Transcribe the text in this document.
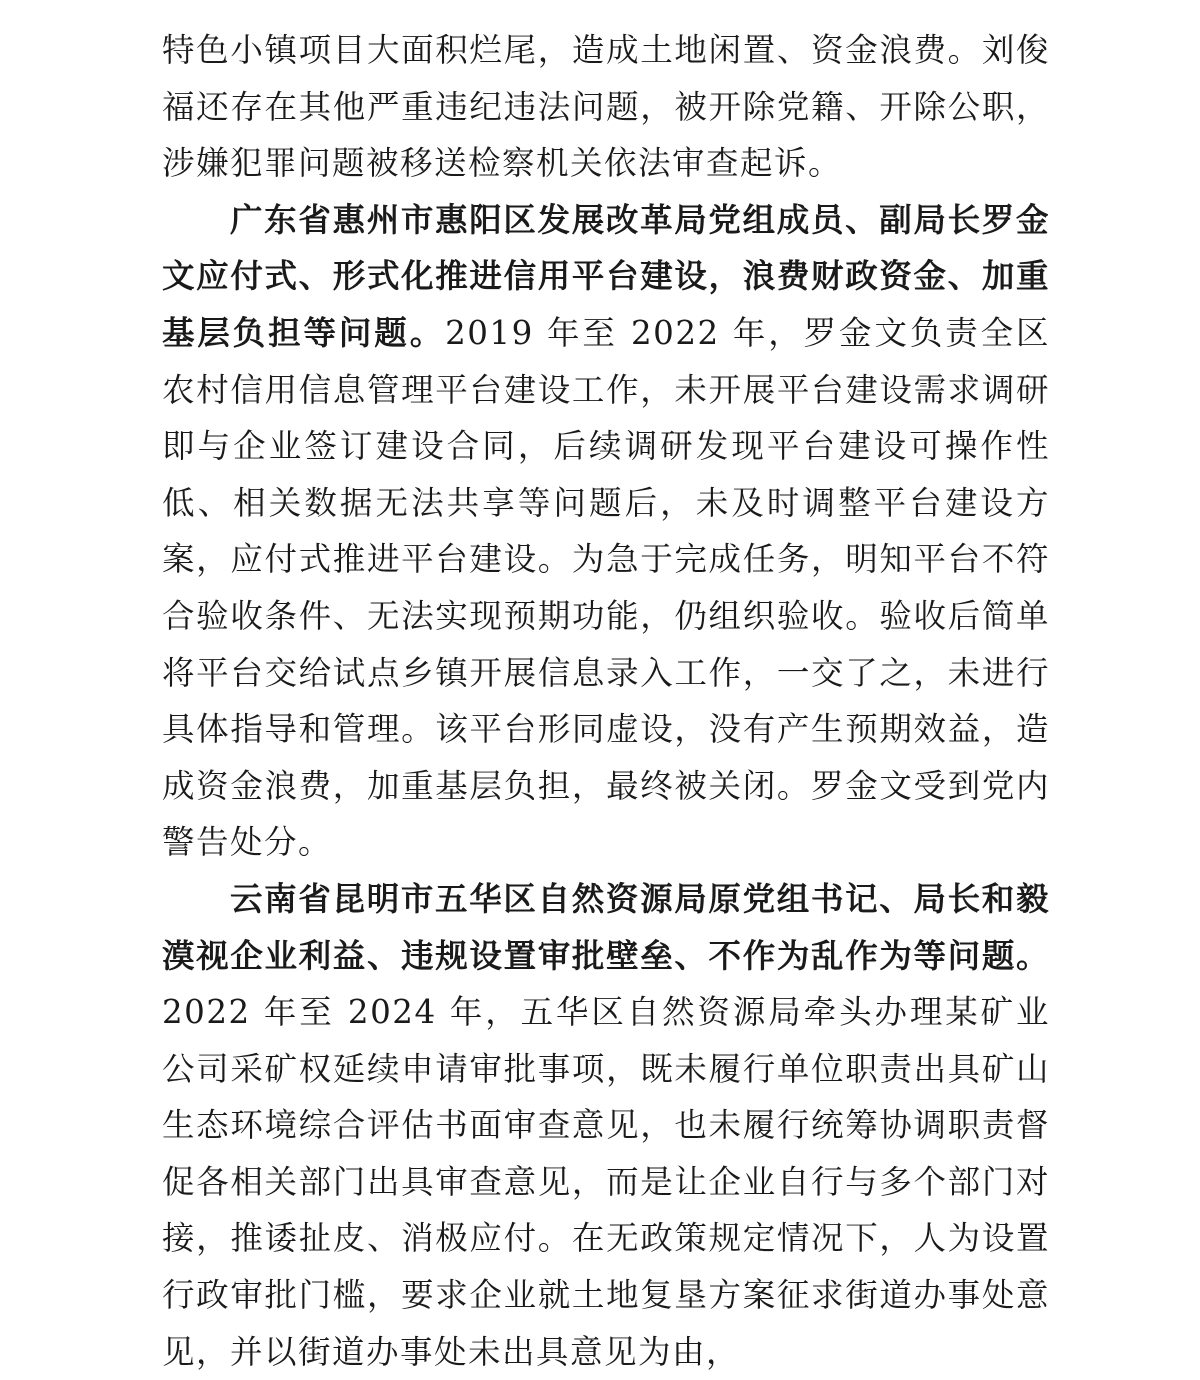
特色小镇项目大面积烂尾，造成土地闲置、资金浪费。刘俊福还存在其他严重违纪违法问题，被开除党籍、开除公职，涉嫌犯罪问题被移送检察机关依法审查起诉。

广东省惠州市惠阳区发展改革局党组成员、副局长罗金文应付式、形式化推进信用平台建设，浪费财政资金、加重基层负担等问题。2019 年至 2022 年，罗金文负责全区农村信用信息管理平台建设工作，未开展平台建设需求调研即与企业签订建设合同，后续调研发现平台建设可操作性低、相关数据无法共享等问题后，未及时调整平台建设方案，应付式推进平台建设。为急于完成任务，明知平台不符合验收条件、无法实现预期功能，仍组织验收。验收后简单将平台交给试点乡镇开展信息录入工作，一交了之，未进行具体指导和管理。该平台形同虚设，没有产生预期效益，造成资金浪费，加重基层负担，最终被关闭。罗金文受到党内警告处分。

云南省昆明市五华区自然资源局原党组书记、局长和毅漠视企业利益、违规设置审批壁垒、不作为乱作为等问题。2022 年至 2024 年，五华区自然资源局牵头办理某矿业公司采矿权延续申请审批事项，既未履行单位职责出具矿山生态环境综合评估书面审查意见，也未履行统筹协调职责督促各相关部门出具审查意见，而是让企业自行与多个部门对接，推诿扯皮、消极应付。在无政策规定情况下，人为设置行政审批门槛，要求企业就土地复垦方案征求街道办事处意见，并以街道办事处未出具意见为由，
